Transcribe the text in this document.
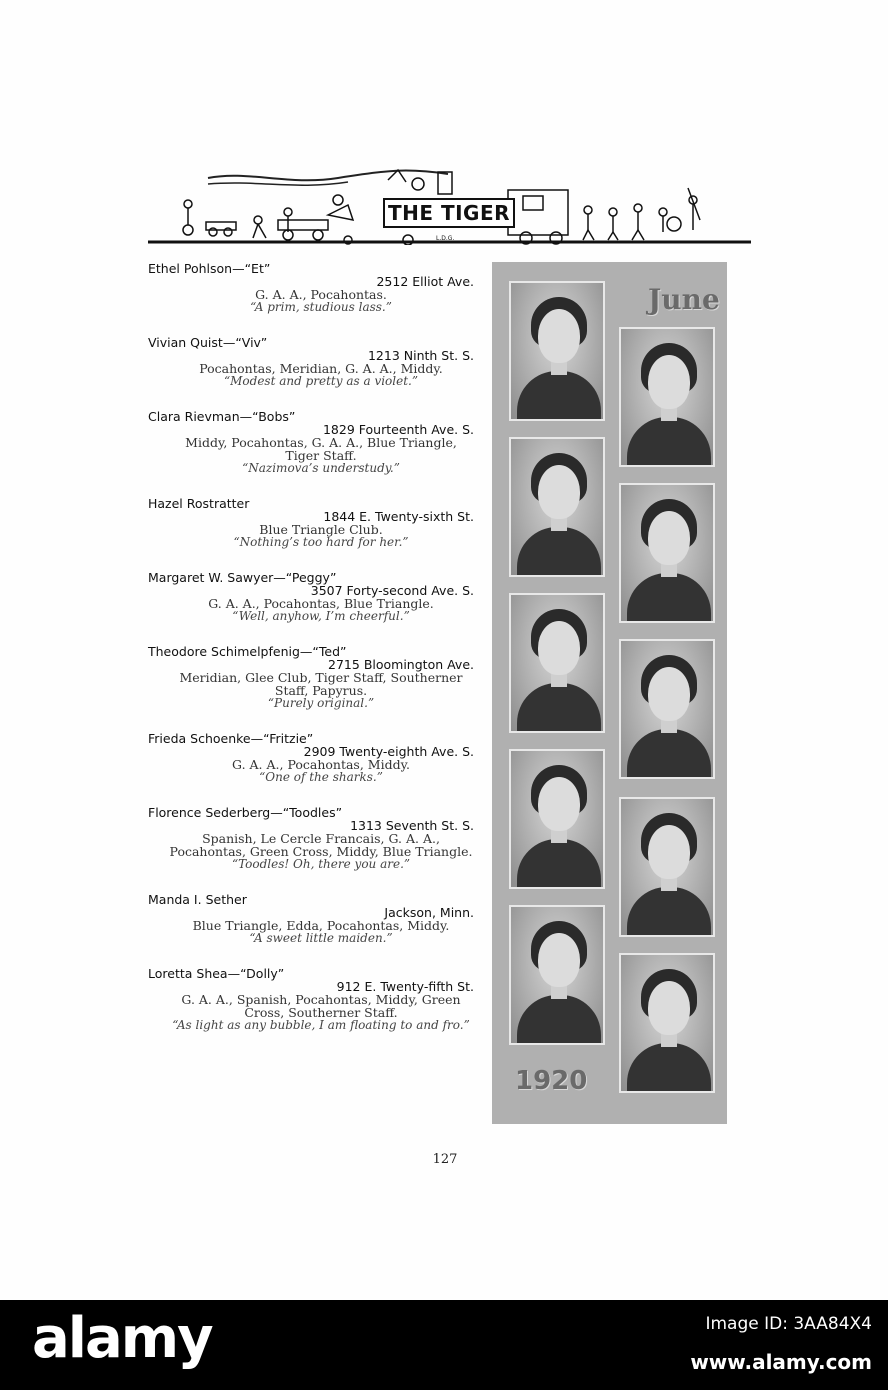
L.D.G.
THE TIGER
Ethel Pohlson—“Et”
2512 Elliot Ave.
G. A. A., Pocahontas.
“A prim, studious lass.”
Vivian Quist—“Viv”
1213 Ninth St. S.
Pocahontas, Meridian, G. A. A., Middy.
“Modest and pretty as a violet.”
Clara Rievman—“Bobs”
1829 Fourteenth Ave. S.
Middy, Pocahontas, G. A. A., Blue Triangle, Tiger Staff.
“Nazimova’s understudy.”
Hazel Rostratter
1844 E. Twenty-sixth St.
Blue Triangle Club.
“Nothing’s too hard for her.”
Margaret W. Sawyer—“Peggy”
3507 Forty-second Ave. S.
G. A. A., Pocahontas, Blue Triangle.
“Well, anyhow, I’m cheerful.”
Theodore Schimelpfenig—“Ted”
2715 Bloomington Ave.
Meridian, Glee Club, Tiger Staff, Southerner Staff, Papyrus.
“Purely original.”
Frieda Schoenke—“Fritzie”
2909 Twenty-eighth Ave. S.
G. A. A., Pocahontas, Middy.
“One of the sharks.”
Florence Sederberg—“Toodles”
1313 Seventh St. S.
Spanish, Le Cercle Francais, G. A. A., Pocahontas, Green Cross, Middy, Blue Triangle.
“Toodles! Oh, there you are.”
Manda I. Sether
Jackson, Minn.
Blue Triangle, Edda, Pocahontas, Middy.
“A sweet little maiden.”
Loretta Shea—“Dolly”
912 E. Twenty-fifth St.
G. A. A., Spanish, Pocahontas, Middy, Green Cross, Southerner Staff.
“As light as any bubble, I am floating to and fro.”
June
1920
127
alamy	Image ID: 3AA84X4
www.alamy.com
